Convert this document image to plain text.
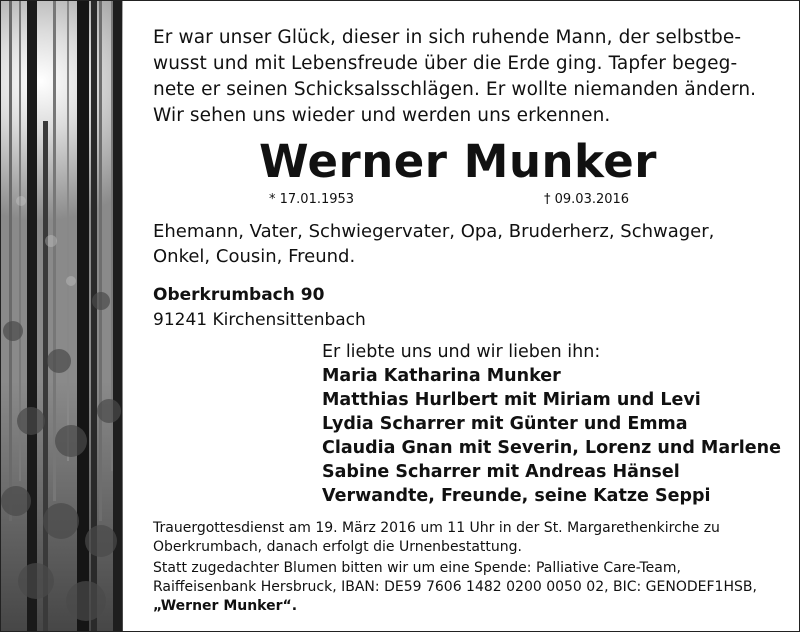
Er war unser Glück, dieser in sich ruhende Mann, der selbstbe-
wusst und mit Lebensfreude über die Erde ging. Tapfer begeg-
nete er seinen Schicksalsschlägen. Er wollte niemanden ändern.
Wir sehen uns wieder und werden uns erkennen.
Werner Munker
* 17.01.1953	† 09.03.2016
Ehemann, Vater, Schwiegervater, Opa, Bruderherz, Schwager,
Onkel, Cousin, Freund.
Oberkrumbach 90
91241 Kirchensittenbach
Er liebte uns und wir lieben ihn:
Maria Katharina Munker
Matthias Hurlbert mit Miriam und Levi
Lydia Scharrer mit Günter und Emma
Claudia Gnan mit Severin, Lorenz und Marlene
Sabine Scharrer mit Andreas Hänsel
Verwandte, Freunde, seine Katze Seppi
Trauergottesdienst am 19. März 2016 um 11 Uhr in der St. Margarethenkirche zu
Oberkrumbach, danach erfolgt die Urnenbestattung.
Statt zugedachter Blumen bitten wir um eine Spende: Palliative Care-Team,
Raiffeisenbank Hersbruck, IBAN: DE59 7606 1482 0200 0050 02, BIC: GENODEF1HSB,
„Werner Munker“.
